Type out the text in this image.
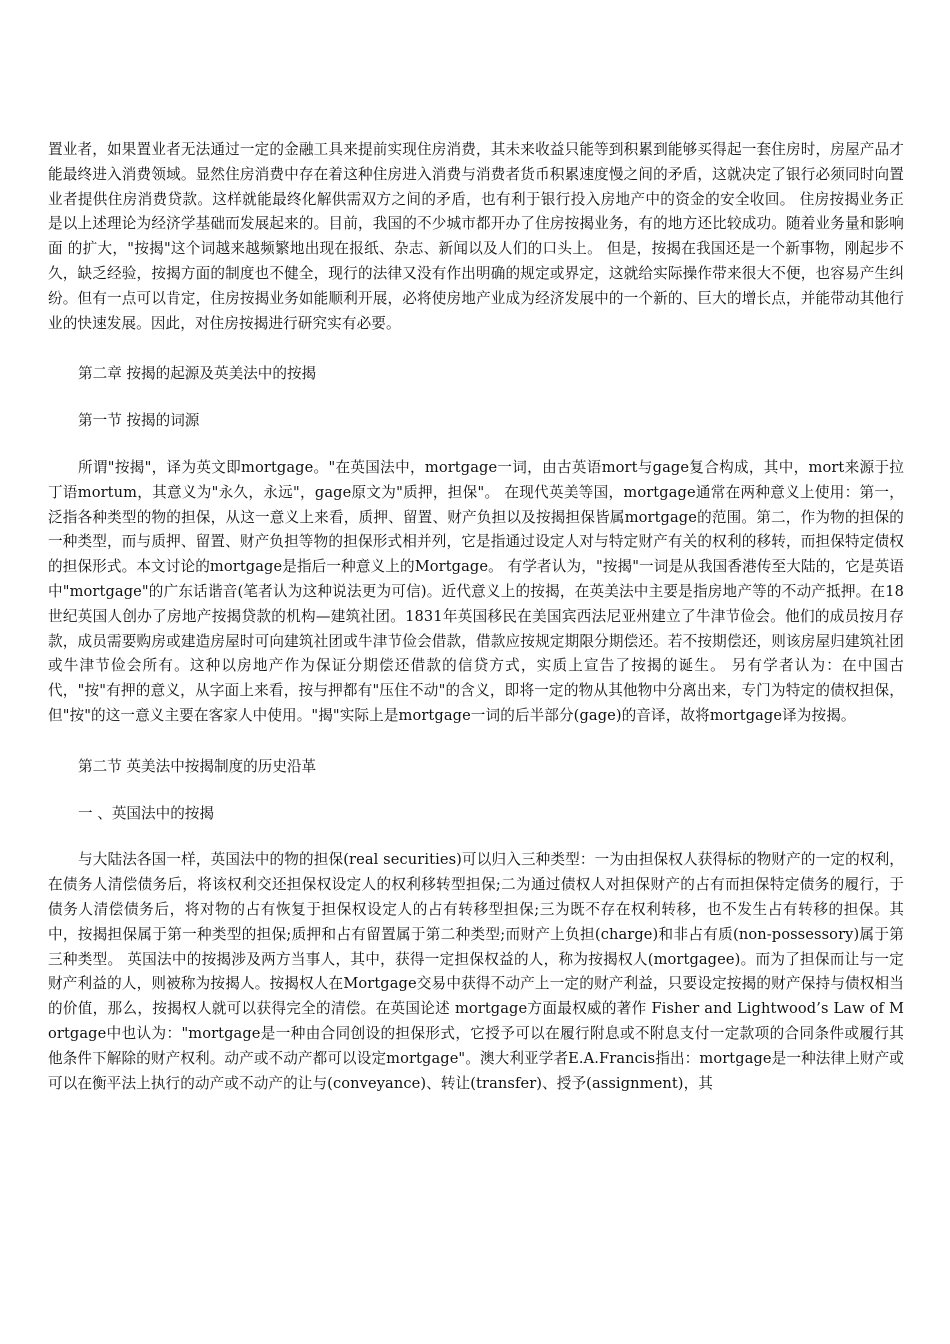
置业者，如果置业者无法通过一定的金融工具来提前实现住房消费，其未来收益只能等到积累到能够买得起一套住房时，房屋产品才能最终进入消费领域。显然住房消费中存在着这种住房进入消费与消费者货币积累速度慢之间的矛盾，这就决定了银行必须同时向置业者提供住房消费贷款。这样就能最终化解供需双方之间的矛盾，也有利于银行投入房地产中的资金的安全收回。 住房按揭业务正是以上述理论为经济学基础而发展起来的。目前，我国的不少城市都开办了住房按揭业务，有的地方还比较成功。随着业务量和影响面 的扩大，"按揭"这个词越来越频繁地出现在报纸、杂志、新闻以及人们的口头上。 但是，按揭在我国还是一个新事物，刚起步不久，缺乏经验，按揭方面的制度也不健全，现行的法律又没有作出明确的规定或界定，这就给实际操作带来很大不便，也容易产生纠纷。但有一点可以肯定，住房按揭业务如能顺利开展，必将使房地产业成为经济发展中的一个新的、巨大的增长点，并能带动其他行业的快速发展。因此，对住房按揭进行研究实有必要。

第二章 按揭的起源及英美法中的按揭

第一节 按揭的词源

所谓"按揭"，译为英文即mortgage。"在英国法中，mortgage一词，由古英语mort与gage复合构成，其中，mort来源于拉丁语mortum，其意义为"永久，永远"，gage原文为"质押，担保"。 在现代英美等国，mortgage通常在两种意义上使用：第一，泛指各种类型的物的担保，从这一意义上来看，质押、留置、财产负担以及按揭担保皆属mortgage的范围。第二，作为物的担保的一种类型，而与质押、留置、财产负担等物的担保形式相并列，它是指通过设定人对与特定财产有关的权利的移转，而担保特定债权的担保形式。本文讨论的mortgage是指后一种意义上的Mortgage。 有学者认为，"按揭"一词是从我国香港传至大陆的，它是英语中"mortgage"的广东话谐音(笔者认为这种说法更为可信)。近代意义上的按揭，在英美法中主要是指房地产等的不动产抵押。在18世纪英国人创办了房地产按揭贷款的机构—建筑社团。1831年英国移民在美国宾西法尼亚州建立了牛津节俭会。他们的成员按月存款，成员需要购房或建造房屋时可向建筑社团或牛津节俭会借款，借款应按规定期限分期偿还。若不按期偿还，则该房屋归建筑社团或牛津节俭会所有。这种以房地产作为保证分期偿还借款的信贷方式，实质上宣告了按揭的诞生。 另有学者认为：在中国古代，"按"有押的意义，从字面上来看，按与押都有"压住不动"的含义，即将一定的物从其他物中分离出来，专门为特定的债权担保，但"按"的这一意义主要在客家人中使用。"揭"实际上是mortgage一词的后半部分(gage)的音译，故将mortgage译为按揭。

第二节 英美法中按揭制度的历史沿革

一 、英国法中的按揭

与大陆法各国一样，英国法中的物的担保(real securities)可以归入三种类型：一为由担保权人获得标的物财产的一定的权利，在债务人清偿债务后，将该权利交还担保权设定人的权利移转型担保;二为通过债权人对担保财产的占有而担保特定债务的履行，于债务人清偿债务后，将对物的占有恢复于担保权设定人的占有转移型担保;三为既不存在权利转移，也不发生占有转移的担保。其中，按揭担保属于第一种类型的担保;质押和占有留置属于第二种类型;而财产上负担(charge)和非占有质(non-possessory)属于第三种类型。 英国法中的按揭涉及两方当事人，其中，获得一定担保权益的人，称为按揭权人(mortgagee)。而为了担保而让与一定财产利益的人，则被称为按揭人。按揭权人在Mortgage交易中获得不动产上一定的财产利益，只要设定按揭的财产保持与债权相当的价值，那么，按揭权人就可以获得完全的清偿。在英国论述 mortgage方面最权威的著作 Fisher and Lightwood’s Law of Mortgage中也认为："mortgage是一种由合同创设的担保形式，它授予可以在履行附息或不附息支付一定款项的合同条件或履行其他条件下解除的财产权利。动产或不动产都可以设定mortgage"。澳大利亚学者E.A.Francis指出：mortgage是一种法律上财产或可以在衡平法上执行的动产或不动产的让与(conveyance)、转让(transfer)、授予(assignment)，其
